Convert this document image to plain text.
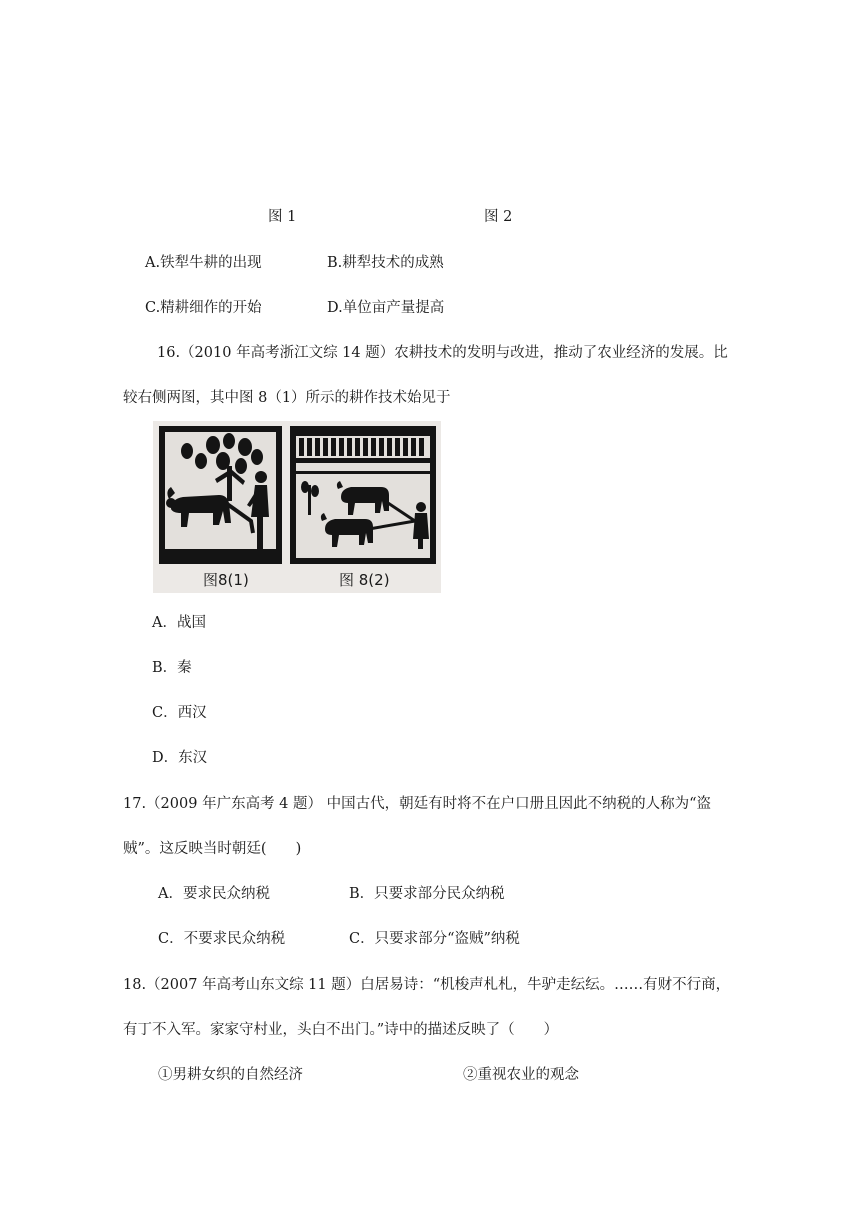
图 1	图 2
A.铁犁牛耕的出现	B.耕犁技术的成熟
C.精耕细作的开始	D.单位亩产量提高
16.（2010 年高考浙江文综 14 题）农耕技术的发明与改进，推动了农业经济的发展。比
较右侧两图，其中图 8（1）所示的耕作技术始见于
图8(1)	图 8(2)
A．战国
B．秦
C．西汉
D．东汉
17.（2009 年广东高考 4 题） 中国古代，朝廷有时将不在户口册且因此不纳税的人称为“盗
贼”。这反映当时朝廷(　　)
A．要求民众纳税	B．只要求部分民众纳税
C．不要求民众纳税	C．只要求部分“盗贼”纳税
18.（2007 年高考山东文综 11 题）白居易诗：“机梭声札札，牛驴走纭纭。……有财不行商，
有丁不入军。家家守村业，头白不出门。”诗中的描述反映了（　　）
①男耕女织的自然经济	②重视农业的观念
